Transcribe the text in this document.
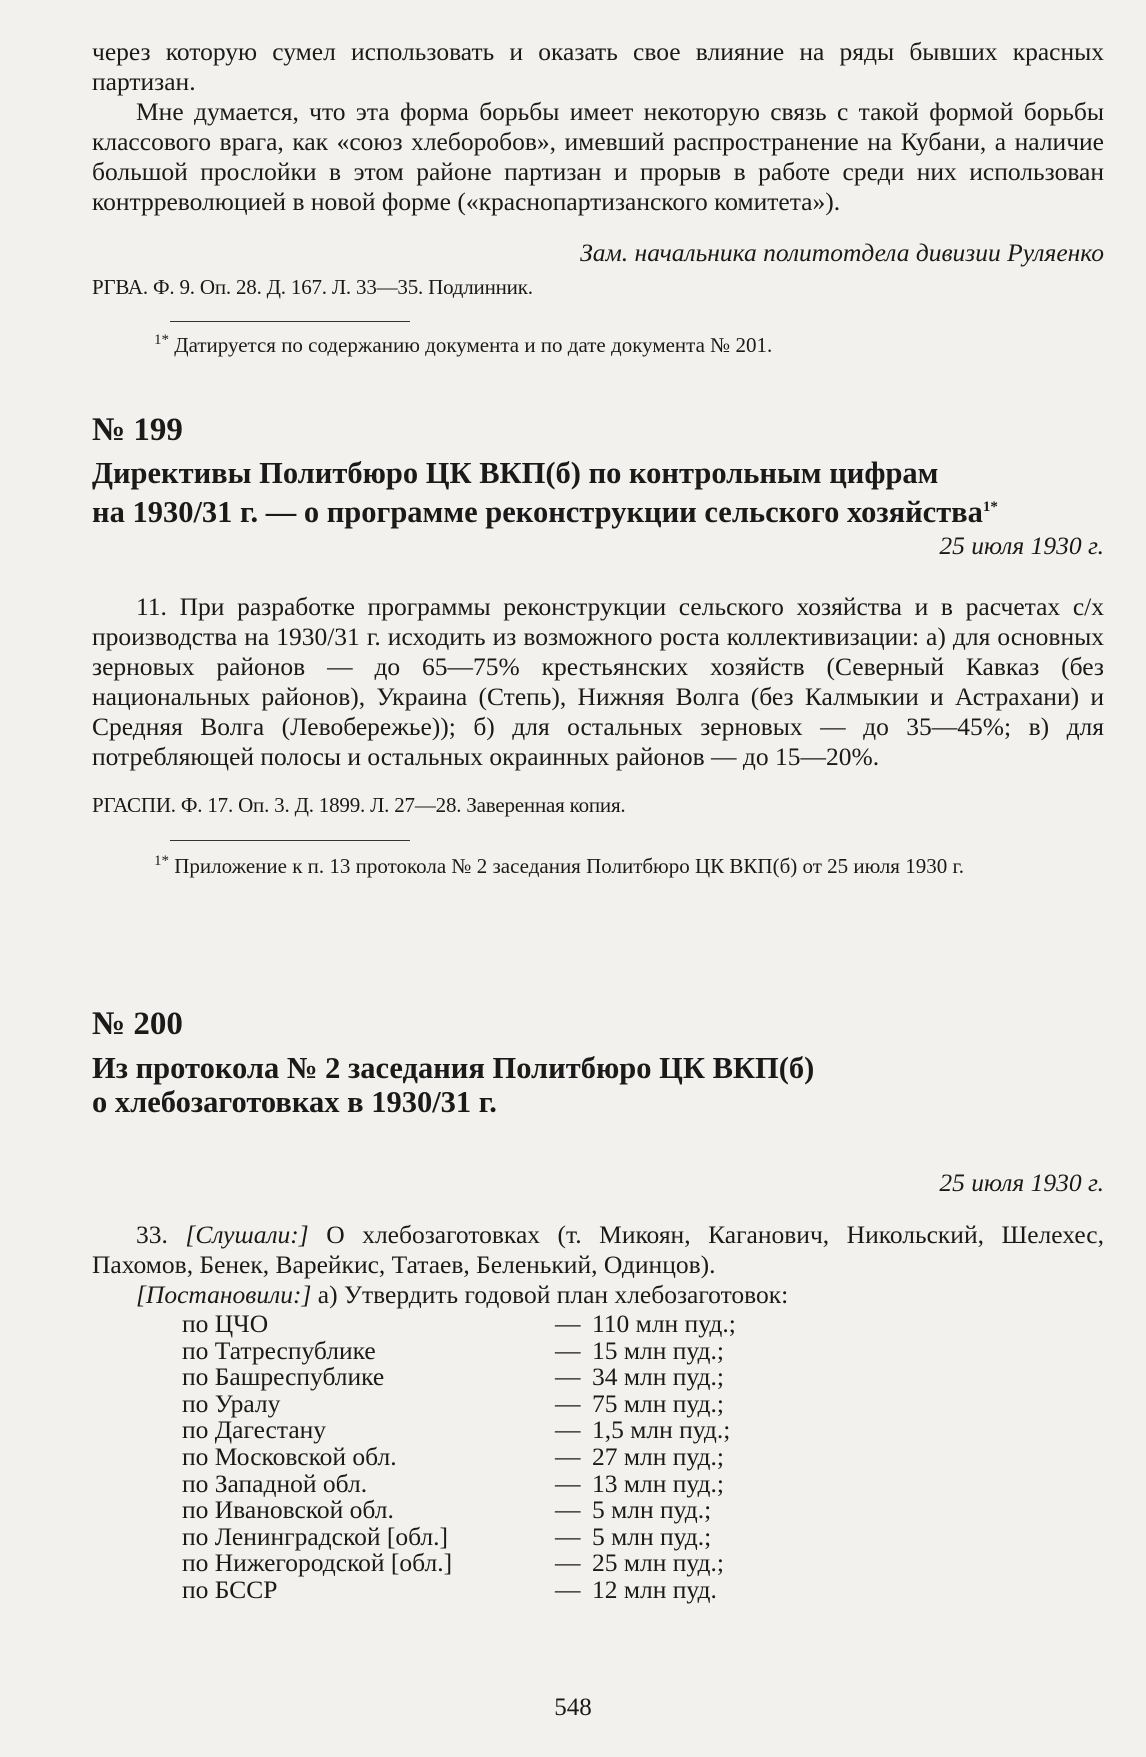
через которую сумел использовать и оказать свое влияние на ряды бывших красных партизан.

Мне думается, что эта форма борьбы имеет некоторую связь с такой формой борьбы классового врага, как «союз хлеборобов», имевший распространение на Кубани, а наличие большой прослойки в этом районе партизан и прорыв в работе среди них использован контрреволюцией в новой форме («краснопартизанского комитета»).

Зам. начальника политотдела дивизии Руляенко
РГВА. Ф. 9. Оп. 28. Д. 167. Л. 33—35. Подлинник.
$^{1*}$ Датируется по содержанию документа и по дате документа № 201.
№ 199
Директивы Политбюро ЦК ВКП(б) по контрольным цифрам
на 1930/31 г. — о программе реконструкции сельского хозяйства$^{1*}$
25 июля 1930 г.

11. При разработке программы реконструкции сельского хозяйства и в расчетах с/х производства на 1930/31 г. исходить из возможного роста коллективизации: а) для основных зерновых районов — до 65—75% крестьянских хозяйств (Северный Кавказ (без национальных районов), Украина (Степь), Нижняя Волга (без Калмыкии и Астрахани) и Средняя Волга (Левобережье)); б) для остальных зерновых — до 35—45%; в) для потребляющей полосы и остальных окраинных районов — до 15—20%.

РГАСПИ. Ф. 17. Оп. 3. Д. 1899. Л. 27—28. Заверенная копия.

$^{1*}$ Приложение к п. 13 протокола № 2 заседания Политбюро ЦК ВКП(б) от 25 июля 1930 г.

№ 200
Из протокола № 2 заседания Политбюро ЦК ВКП(б)
о хлебозаготовках в 1930/31 г.
25 июля 1930 г.

33. [Слушали:] О хлебозаготовках (т. Микоян, Каганович, Никольский, Шелехес, Пахомов, Бенек, Варейкис, Татаев, Беленький, Одинцов).

[Постановили:] а) Утвердить годовой план хлебозаготовок:

по ЦЧО	— 110 млн пуд.;
по Татреспублике	— 15 млн пуд.;
по Башреспублике	— 34 млн пуд.;
по Уралу	— 75 млн пуд.;
по Дагестану	— 1,5 млн пуд.;
по Московской обл.	— 27 млн пуд.;
по Западной обл.	— 13 млн пуд.;
по Ивановской обл.	— 5 млн пуд.;
по Ленинградской [обл.]	— 5 млн пуд.;
по Нижегородской [обл.]	— 25 млн пуд.;
по БССР	— 12 млн пуд.
548
